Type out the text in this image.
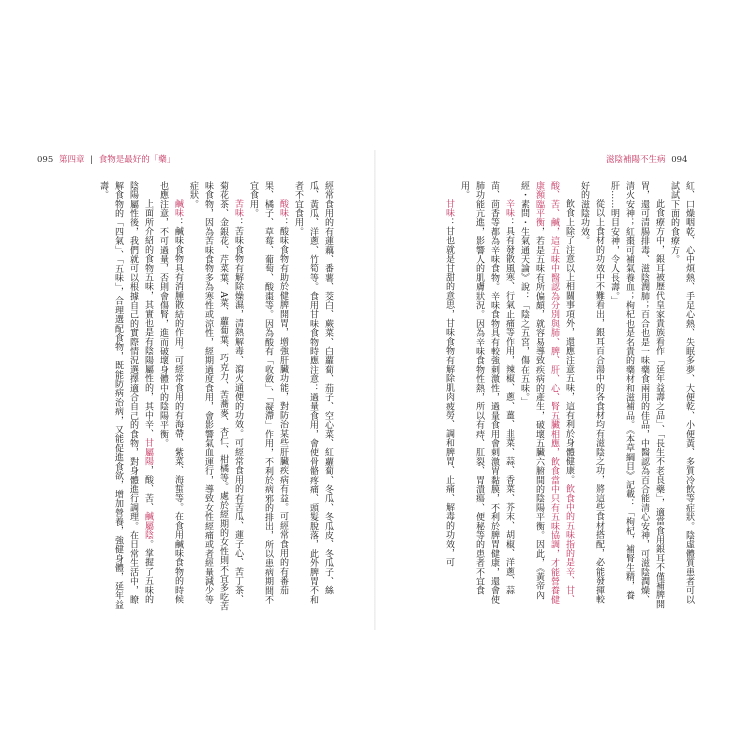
095 第四章 | 食物是最好的「藥」	滋陰補陽不生病 094

紅、口燥咽乾、心中煩熱、手足心熱、失眠多夢、大便乾、小便黃、多質冷飲等症狀。陰虛體質患者可以試試下面的食療方。

此食療方中，銀耳被歷代皇家貴族看作「延年益壽之品」、「長生不老良藥」，適當食用銀耳不僅補脾開胃，還可清腸排毒、滋陰潤肺；百合也是一味藥食兩用的佳品，中醫認為百合能清心安神，可滋陰潤燥、清火安神；紅棗可補氣養血；枸杞也是名貴的藥材和滋補品。《本草綱目》記載：「枸杞，補腎生精，養肝……明目安神，令人長壽。」

從以上食材的功效中不難看出，銀耳百合湯中的各食材均有滋陰之功，將這些食材搭配，必能發揮較好的滋陰功效。

飲食上除了注意以上相關事項外，還應注意五味，這有利於身體健康。飲食中的五味指的是辛、甘、酸、苦、鹹，這五味中醫認為分別與肺、脾、肝、心、腎五臟相應，飲食當中只有五味協調，才能營養健康瀕臨平衡，若是五味有所偏頗，就容易導致疾病的產生，破壞五臟六腑間的陰陽平衡。因此，《黃帝內經・素問・生氣通天論》說：「陰之五宮，傷在五味。」

辛味：具有發散風寒、行氣止痛等作用，辣椒、蔥、薑、韭菜、蒜、香菜、芥末、胡椒、洋蔥、蒜苗、茴香等都為辛味食物。辛味食物具有較強刺激性，過量食用會刺激胃黏膜，不利於脾胃健康，還會使肺功能亢進，影響人的肌膚狀況。因為辛味食物性熱，所以有痔、肛裂、胃潰瘍、便秘等的患者不宜食用。

甘味：甘也就是甘甜的意思，甘味食物有解除肌肉疲勞、調和脾胃、止痛、解毒的功效，可

經常食用的有蓮藕、番薯、茭白、蕨菜、白蘿蔔、茄子、空心菜、紅蘿蔔、冬瓜、冬瓜皮、冬瓜子、絲瓜、黃瓜、洋蔥、竹筍等。食用甘味食物時應注意：過量食用，會使骨骼疼痛、頭髮脫落，此外脾胃不和者不宜食用。

酸味：酸味食物有助於健脾開胃，增強肝臟功能，對防治某些肝臟疾病有益。可經常食用的有番茄果、橘子、草莓、葡萄、酸棗等。因為酸有「收斂」、「凝滯」作用，不利於病邪的排出，所以患病期間不宜食用。

苦味：苦味食物有解除燥濕，清熱解毒、瀉火通便的功效。可經常食用的有苦瓜、蓮子心、苦丁茶、菊花茶、金銀花、芹菜葉、A菜、蘿蔔葉、巧克力、苦蕎麥、杏仁、柑橘等。處於經期的女性則不宜多吃苦味食物，因為苦味食物多為寒性或涼性，經期過度食用，會影響氣血運行，導致女性經痛或者經量減少等症狀。

鹹味：鹹味食物具有消腫散結的作用。可經常食用的有海帶、紫菜、海蜇等。在食用鹹味食物的時候也應注意，不可過量，否則會傷腎，進而破壞身體中的陰陽平衡。

上面所介紹的食物五味，其實也是有陰陽屬性的，其中辛、甘屬陽，酸、苦、鹹屬陰。掌握了五味的陰陽屬性後，我們就可以根據自己的實際情況選擇適合自己的食物，對身體進行調理。在日常生活中，瞭解食物的「四氣」、「五味」，合理選配食物，既能防病治病，又能促進食欲，增加營養，強健身體，延年益壽。
